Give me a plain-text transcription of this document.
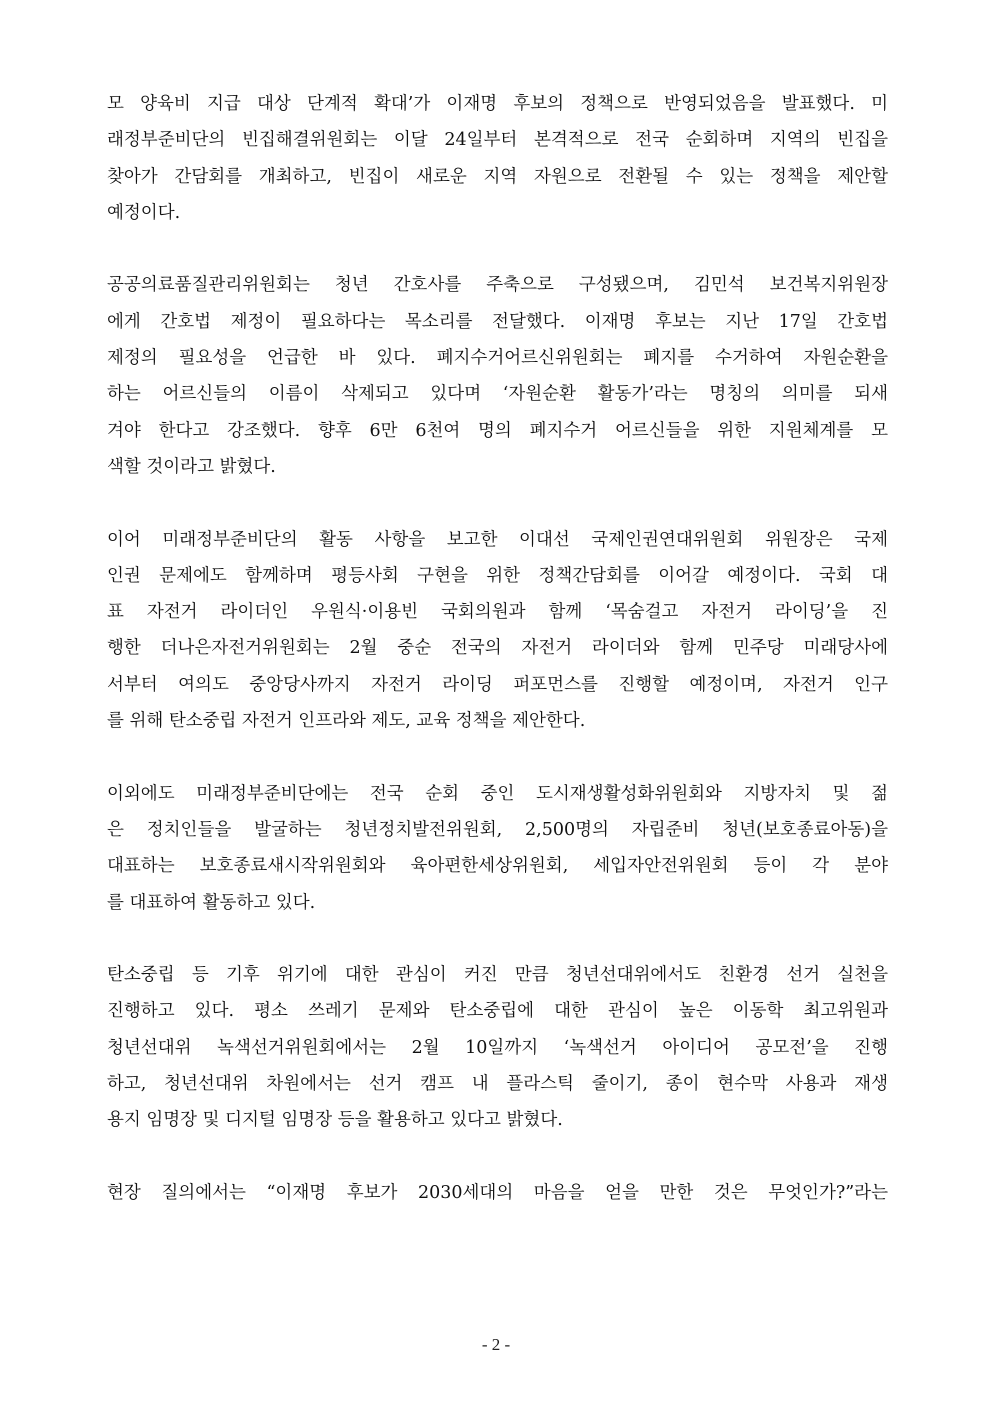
모 양육비 지급 대상 단계적 확대’가 이재명 후보의 정책으로 반영되었음을 발표했다. 미
래정부준비단의 빈집해결위원회는 이달 24일부터 본격적으로 전국 순회하며 지역의 빈집을
찾아가 간담회를 개최하고, 빈집이 새로운 지역 자원으로 전환될 수 있는 정책을 제안할
예정이다.
공공의료품질관리위원회는 청년 간호사를 주축으로 구성됐으며, 김민석 보건복지위원장
에게 간호법 제정이 필요하다는 목소리를 전달했다. 이재명 후보는 지난 17일 간호법
제정의 필요성을 언급한 바 있다. 폐지수거어르신위원회는 폐지를 수거하여 자원순환을
하는 어르신들의 이름이 삭제되고 있다며 ‘자원순환 활동가’라는 명칭의 의미를 되새
겨야 한다고 강조했다. 향후 6만 6천여 명의 폐지수거 어르신들을 위한 지원체계를 모
색할 것이라고 밝혔다.
이어 미래정부준비단의 활동 사항을 보고한 이대선 국제인권연대위원회 위원장은 국제
인권 문제에도 함께하며 평등사회 구현을 위한 정책간담회를 이어갈 예정이다. 국회 대
표 자전거 라이더인 우원식·이용빈 국회의원과 함께 ‘목숨걸고 자전거 라이딩’을 진
행한 더나은자전거위원회는 2월 중순 전국의 자전거 라이더와 함께 민주당 미래당사에
서부터 여의도 중앙당사까지 자전거 라이딩 퍼포먼스를 진행할 예정이며, 자전거 인구
를 위해 탄소중립 자전거 인프라와 제도, 교육 정책을 제안한다.
이외에도 미래정부준비단에는 전국 순회 중인 도시재생활성화위원회와 지방자치 및 젊
은 정치인들을 발굴하는 청년정치발전위원회, 2,500명의 자립준비 청년(보호종료아동)을
대표하는 보호종료새시작위원회와 육아편한세상위원회, 세입자안전위원회 등이 각 분야
를 대표하여 활동하고 있다.
탄소중립 등 기후 위기에 대한 관심이 커진 만큼 청년선대위에서도 친환경 선거 실천을
진행하고 있다. 평소 쓰레기 문제와 탄소중립에 대한 관심이 높은 이동학 최고위원과
청년선대위 녹색선거위원회에서는 2월 10일까지 ‘녹색선거 아이디어 공모전’을 진행
하고, 청년선대위 차원에서는 선거 캠프 내 플라스틱 줄이기, 종이 현수막 사용과 재생
용지 임명장 및 디지털 임명장 등을 활용하고 있다고 밝혔다.
현장 질의에서는 “이재명 후보가 2030세대의 마음을 얻을 만한 것은 무엇인가?”라는
- 2 -
